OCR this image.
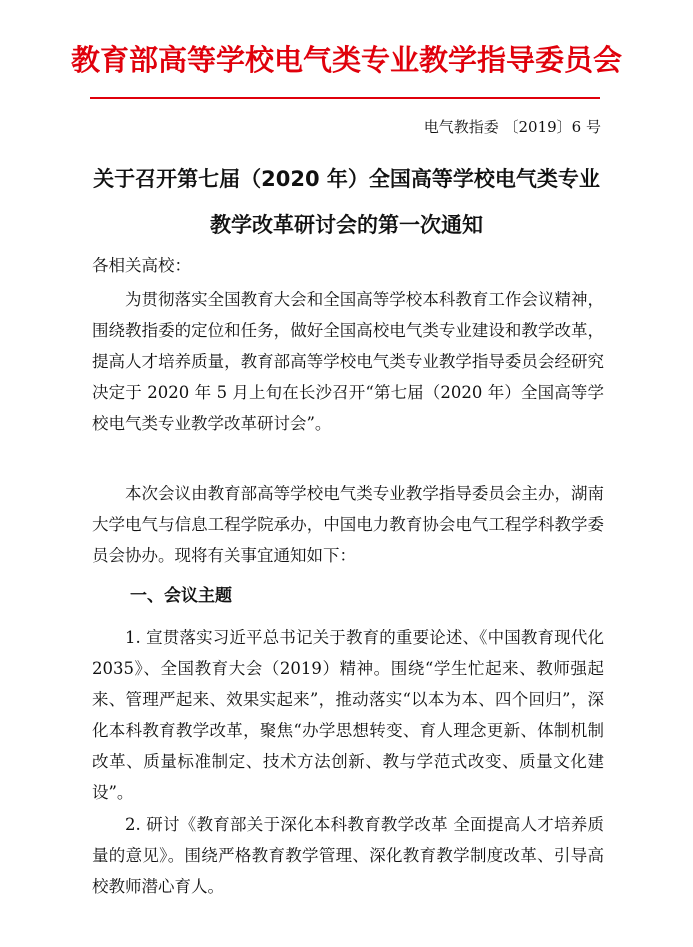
教育部高等学校电气类专业教学指导委员会
电气教指委 〔2019〕6 号
关于召开第七届（2020 年）全国高等学校电气类专业
教学改革研讨会的第一次通知
各相关高校：
为贯彻落实全国教育大会和全国高等学校本科教育工作会议精神，围绕教指委的定位和任务，做好全国高校电气类专业建设和教学改革，提高人才培养质量，教育部高等学校电气类专业教学指导委员会经研究决定于 2020 年 5 月上旬在长沙召开“第七届（2020 年）全国高等学校电气类专业教学改革研讨会”。
本次会议由教育部高等学校电气类专业教学指导委员会主办，湖南大学电气与信息工程学院承办，中国电力教育协会电气工程学科教学委员会协办。现将有关事宜通知如下：
一、会议主题
1. 宣贯落实习近平总书记关于教育的重要论述、《中国教育现代化 2035》、全国教育大会（2019）精神。围绕“学生忙起来、教师强起来、管理严起来、效果实起来”，推动落实“以本为本、四个回归”，深化本科教育教学改革，聚焦“办学思想转变、育人理念更新、体制机制改革、质量标准制定、技术方法创新、教与学范式改变、质量文化建设”。
2. 研讨《教育部关于深化本科教育教学改革 全面提高人才培养质量的意见》。围绕严格教育教学管理、深化教育教学制度改革、引导高校教师潜心育人。
